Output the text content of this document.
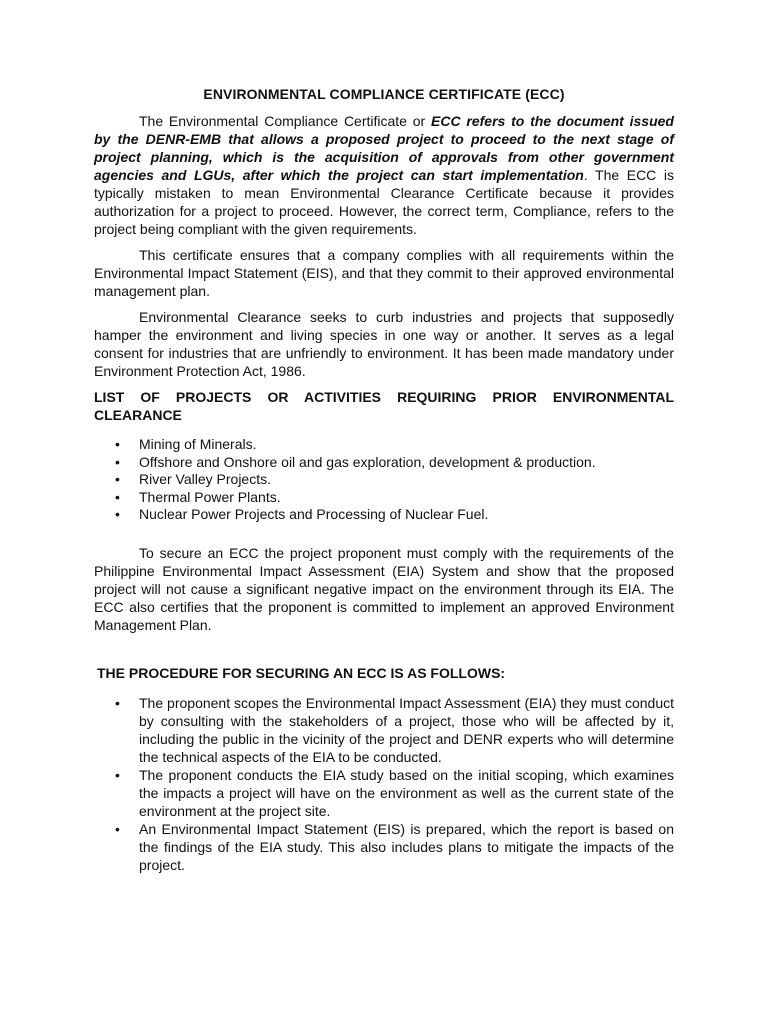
ENVIRONMENTAL COMPLIANCE CERTIFICATE (ECC)

The Environmental Compliance Certificate or ECC refers to the document issued by the DENR-EMB that allows a proposed project to proceed to the next stage of project planning, which is the acquisition of approvals from other government agencies and LGUs, after which the project can start implementation. The ECC is typically mistaken to mean Environmental Clearance Certificate because it provides authorization for a project to proceed. However, the correct term, Compliance, refers to the project being compliant with the given requirements.

This certificate ensures that a company complies with all requirements within the Environmental Impact Statement (EIS), and that they commit to their approved environmental management plan.

Environmental Clearance seeks to curb industries and projects that supposedly hamper the environment and living species in one way or another. It serves as a legal consent for industries that are unfriendly to environment. It has been made mandatory under Environment Protection Act, 1986.

LIST OF PROJECTS OR ACTIVITIES REQUIRING PRIOR ENVIRONMENTAL CLEARANCE
• Mining of Minerals.
• Offshore and Onshore oil and gas exploration, development & production.
• River Valley Projects.
• Thermal Power Plants.
• Nuclear Power Projects and Processing of Nuclear Fuel.

To secure an ECC the project proponent must comply with the requirements of the Philippine Environmental Impact Assessment (EIA) System and show that the proposed project will not cause a significant negative impact on the environment through its EIA. The ECC also certifies that the proponent is committed to implement an approved Environment Management Plan.

THE PROCEDURE FOR SECURING AN ECC IS AS FOLLOWS:
• The proponent scopes the Environmental Impact Assessment (EIA) they must conduct by consulting with the stakeholders of a project, those who will be affected by it, including the public in the vicinity of the project and DENR experts who will determine the technical aspects of the EIA to be conducted.
• The proponent conducts the EIA study based on the initial scoping, which examines the impacts a project will have on the environment as well as the current state of the environment at the project site.
• An Environmental Impact Statement (EIS) is prepared, which the report is based on the findings of the EIA study. This also includes plans to mitigate the impacts of the project.
